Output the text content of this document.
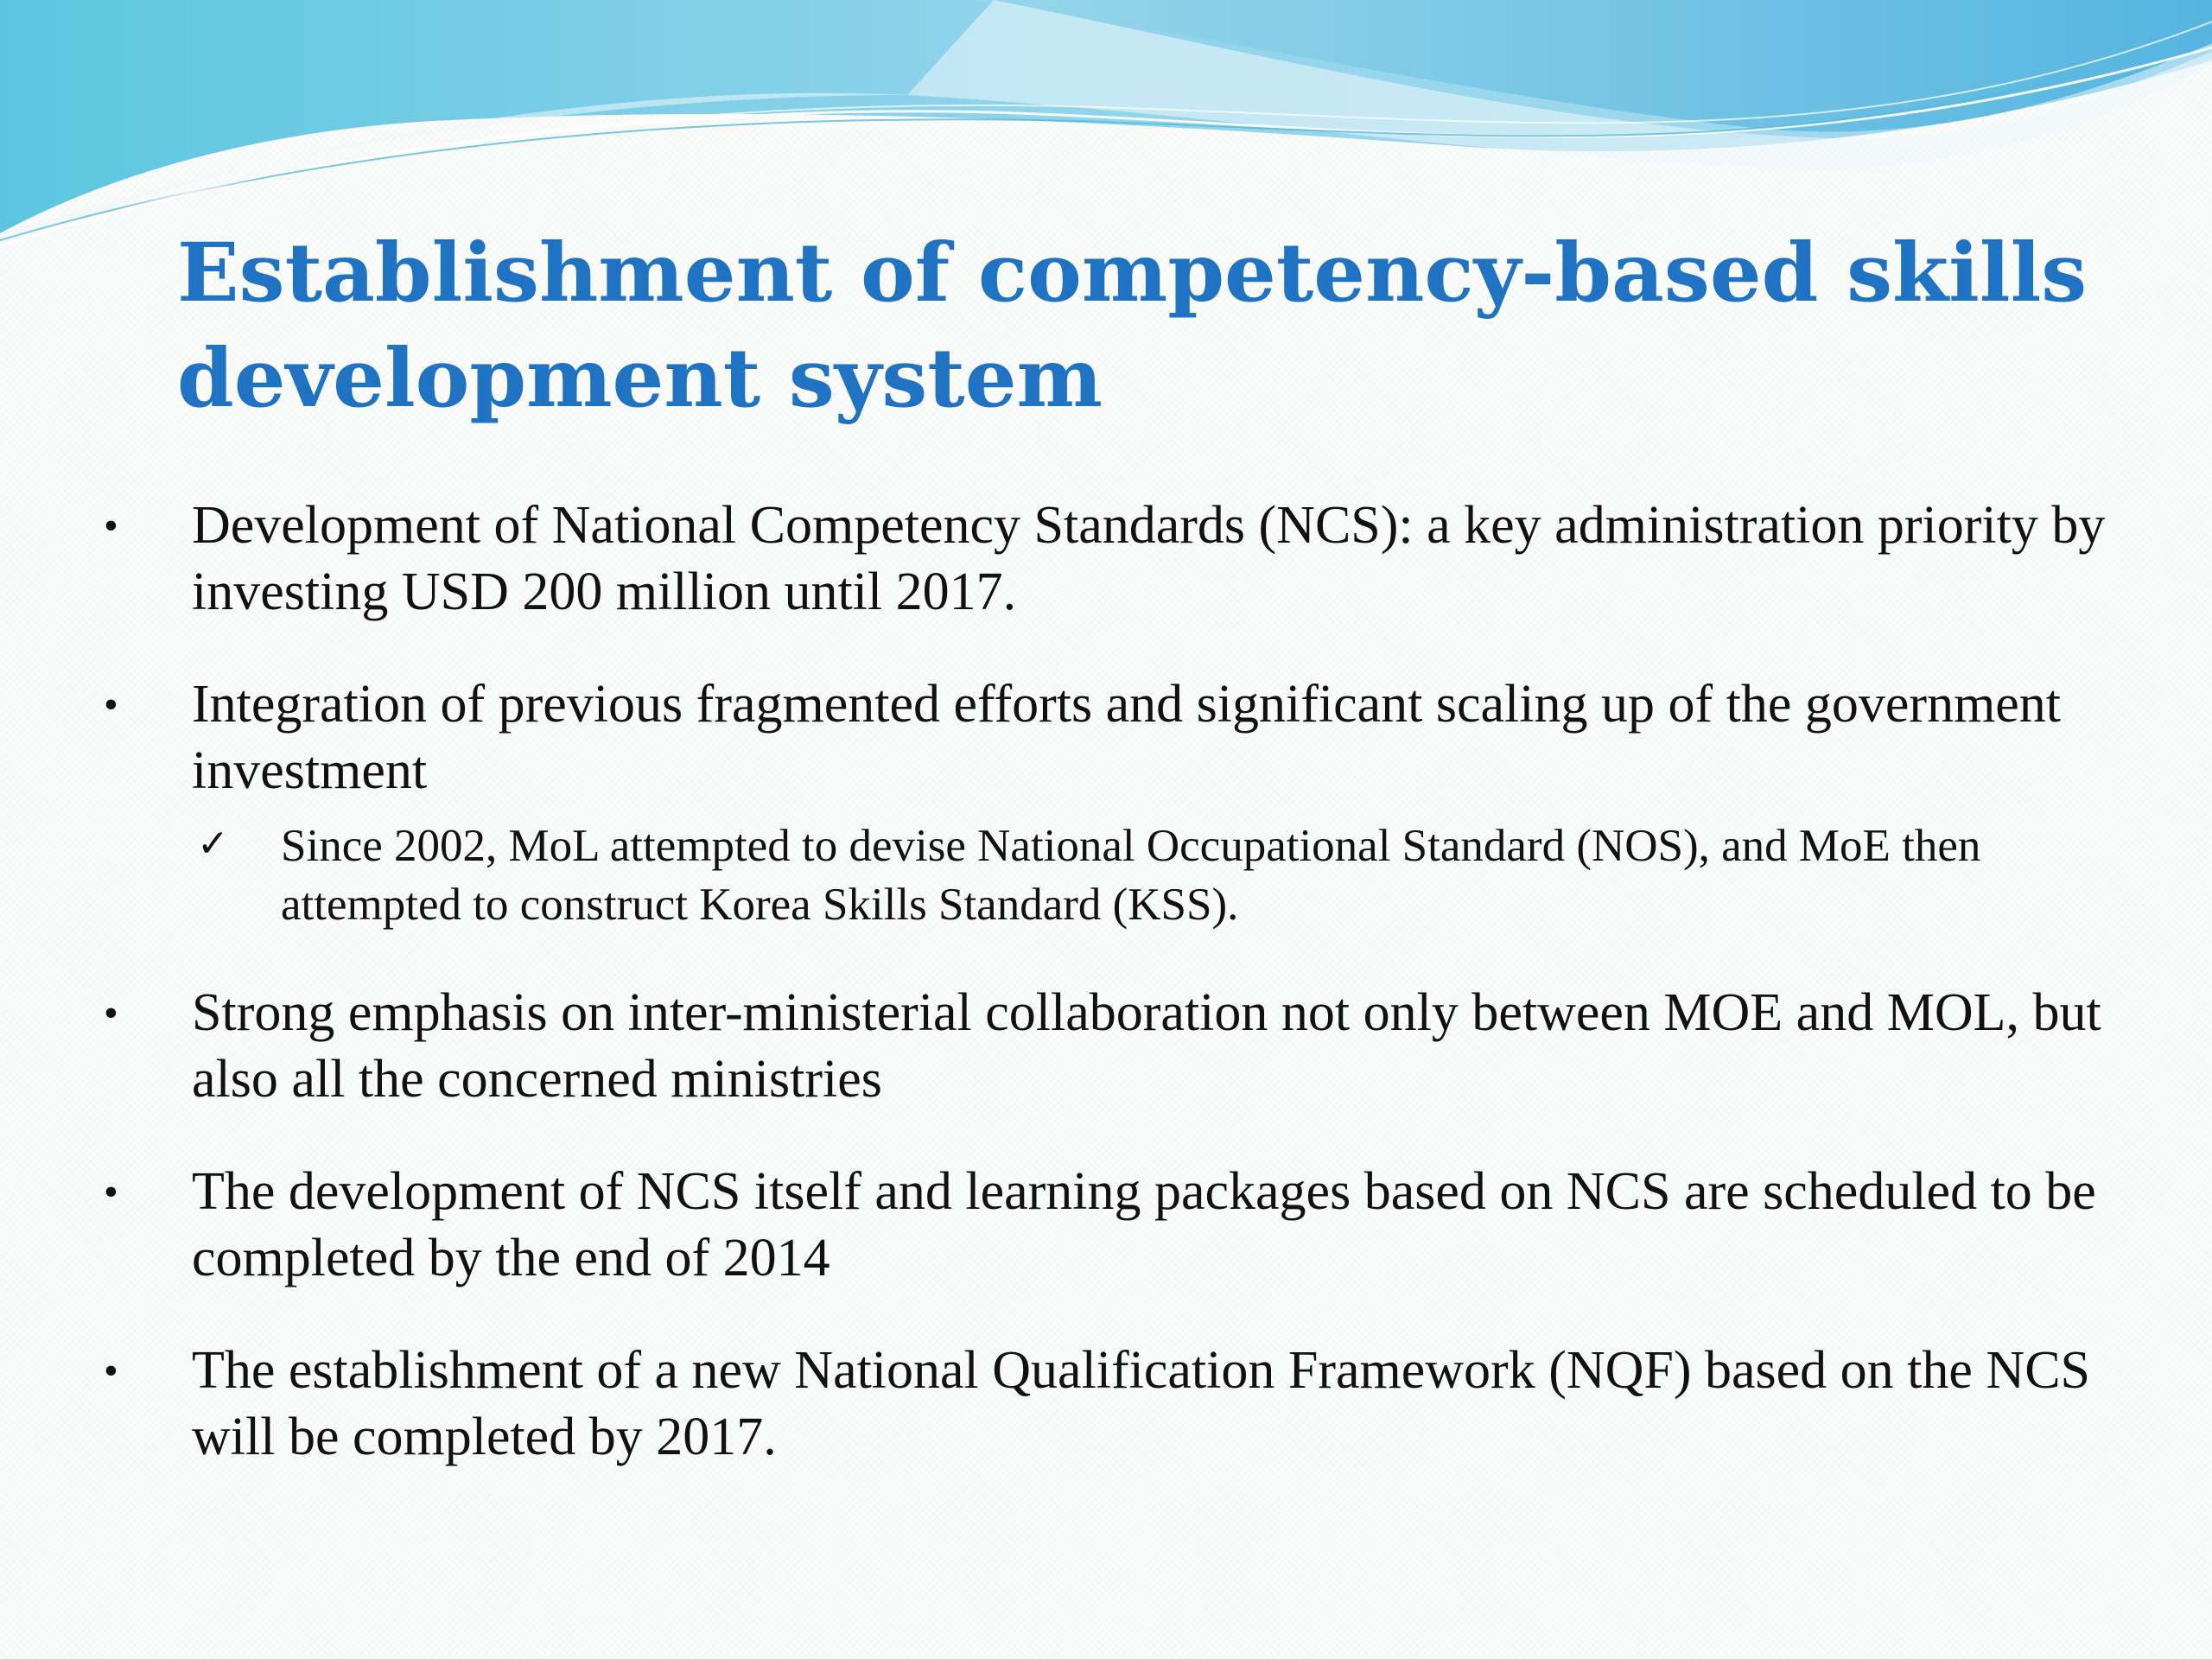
Establishment of competency-based skills development system
• Development of National Competency Standards (NCS): a key administration priority by investing USD 200 million until 2017.
• Integration of previous fragmented efforts and significant scaling up of the government investment
✓ Since 2002, MoL attempted to devise National Occupational Standard (NOS), and MoE then attempted to construct Korea Skills Standard (KSS).
• Strong emphasis on inter-ministerial collaboration not only between MOE and MOL, but also all the concerned ministries
• The development of NCS itself and learning packages based on NCS are scheduled to be completed by the end of 2014
• The establishment of a new National Qualification Framework (NQF) based on the NCS will be completed by 2017.
